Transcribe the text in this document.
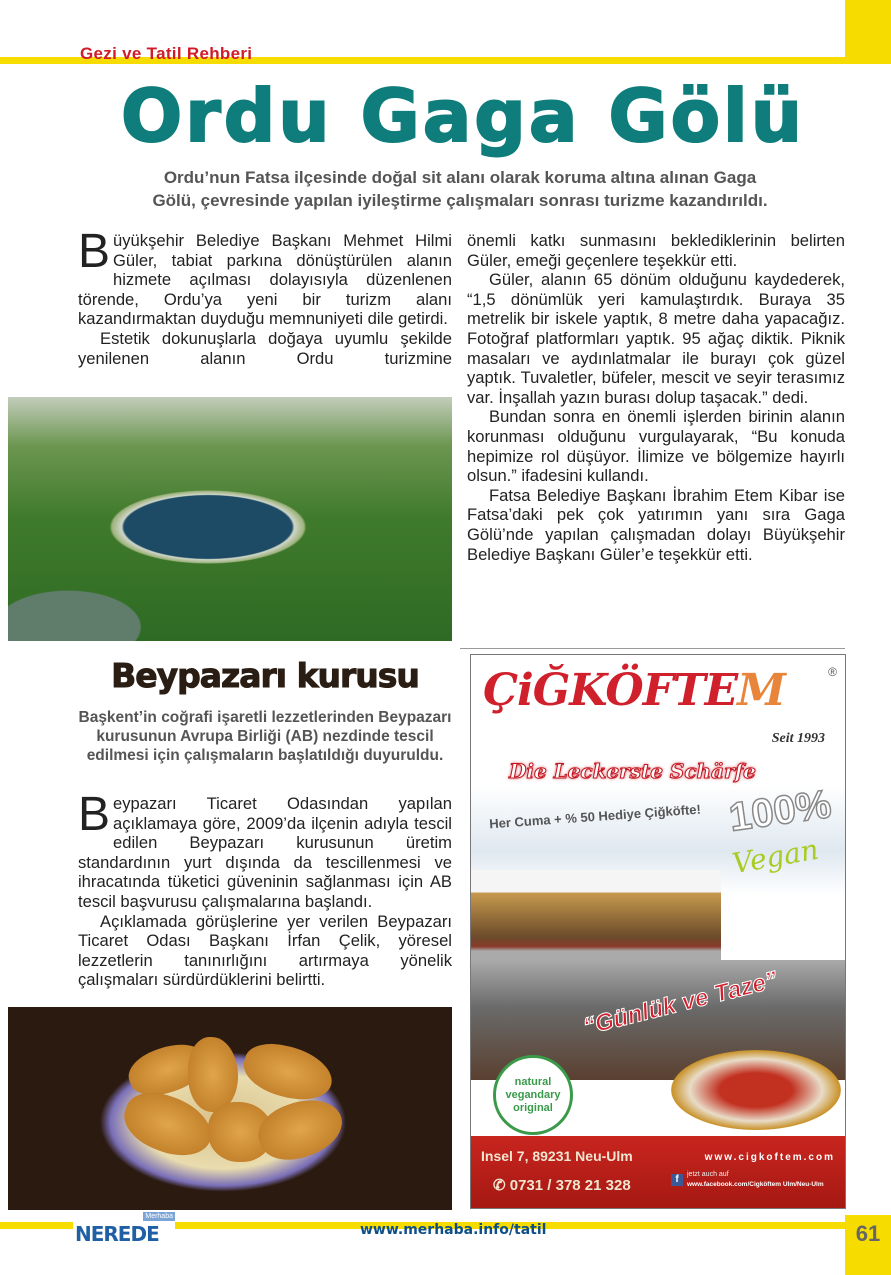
Gezi ve Tatil Rehberi
Ordu Gaga Gölü
Ordu’nun Fatsa ilçesinde doğal sit alanı olarak koruma altına alınan Gaga
Gölü, çevresinde yapılan iyileştirme çalışmaları sonrası turizme kazandırıldı.

Büyükşehir Belediye Başkanı Mehmet Hilmi Güler, tabiat parkına dönüştürülen alanın hizmete açılması dolayısıyla düzenlenen törende, Ordu’ya yeni bir turizm alanı kazandırmaktan duyduğu memnuniyeti dile getirdi.

Estetik dokunuşlarla doğaya uyumlu şekilde yenilenen alanın Ordu turizmine

önemli katkı sunmasını beklediklerinin belirten Güler, emeği geçenlere teşekkür etti.

Güler, alanın 65 dönüm olduğunu kaydederek, “1,5 dönümlük yeri kamulaştırdık. Buraya 35 metrelik bir iskele yaptık, 8 metre daha yapacağız. Fotoğraf platformları yaptık. 95 ağaç diktik. Piknik masaları ve aydınlatmalar ile burayı çok güzel yaptık. Tuvaletler, büfeler, mescit ve seyir terasımız var. İnşallah yazın burası dolup taşacak.” dedi.

Bundan sonra en önemli işlerden birinin alanın korunması olduğunu vurgulayarak, “Bu konuda hepimize rol düşüyor. İlimize ve bölgemize hayırlı olsun.” ifadesini kullandı.

Fatsa Belediye Başkanı İbrahim Etem Kibar ise Fatsa’daki pek çok yatırımın yanı sıra Gaga Gölü’nde yapılan çalışmadan dolayı Büyükşehir Belediye Başkanı Güler’e teşekkür etti.

Beypazarı kurusu
Başkent’in coğrafi işaretli lezzetlerinden Beypazarı kurusunun Avrupa Birliği (AB) nezdinde tescil edilmesi için çalışmaların başlatıldığı duyuruldu.

Beypazarı Ticaret Odasından yapılan açıklamaya göre, 2009’da ilçenin adıyla tescil edilen Beypazarı kurusunun üretim standardının yurt dışında da tescillenmesi ve ihracatında tüketici güveninin sağlanması için AB tescil başvurusu çalışmalarına başlandı.

Açıklamada görüşlerine yer verilen Beypazarı Ticaret Odası Başkanı İrfan Çelik, yöresel lezzetlerin tanınırlığını artırmaya yönelik çalışmaları sürdürdüklerini belirtti.

ÇiĞKÖFTEM	®
Seit 1993
Die Leckerste Schärfe
Her Cuma + % 50 Hediye Çiğköfte! 100%
Vegan
“Günlük ve Taze”
natural
vegandary
original
Insel 7, 89231 Neu-Ulm
✆ 0731 / 378 21 328
www.cigkoftem.com
f	jetzt auch auf
www.facebook.com/Cigköftem Ulm/Neu-Ulm
NEREDE
Merhaba
www.merhaba.info/tatil	61
